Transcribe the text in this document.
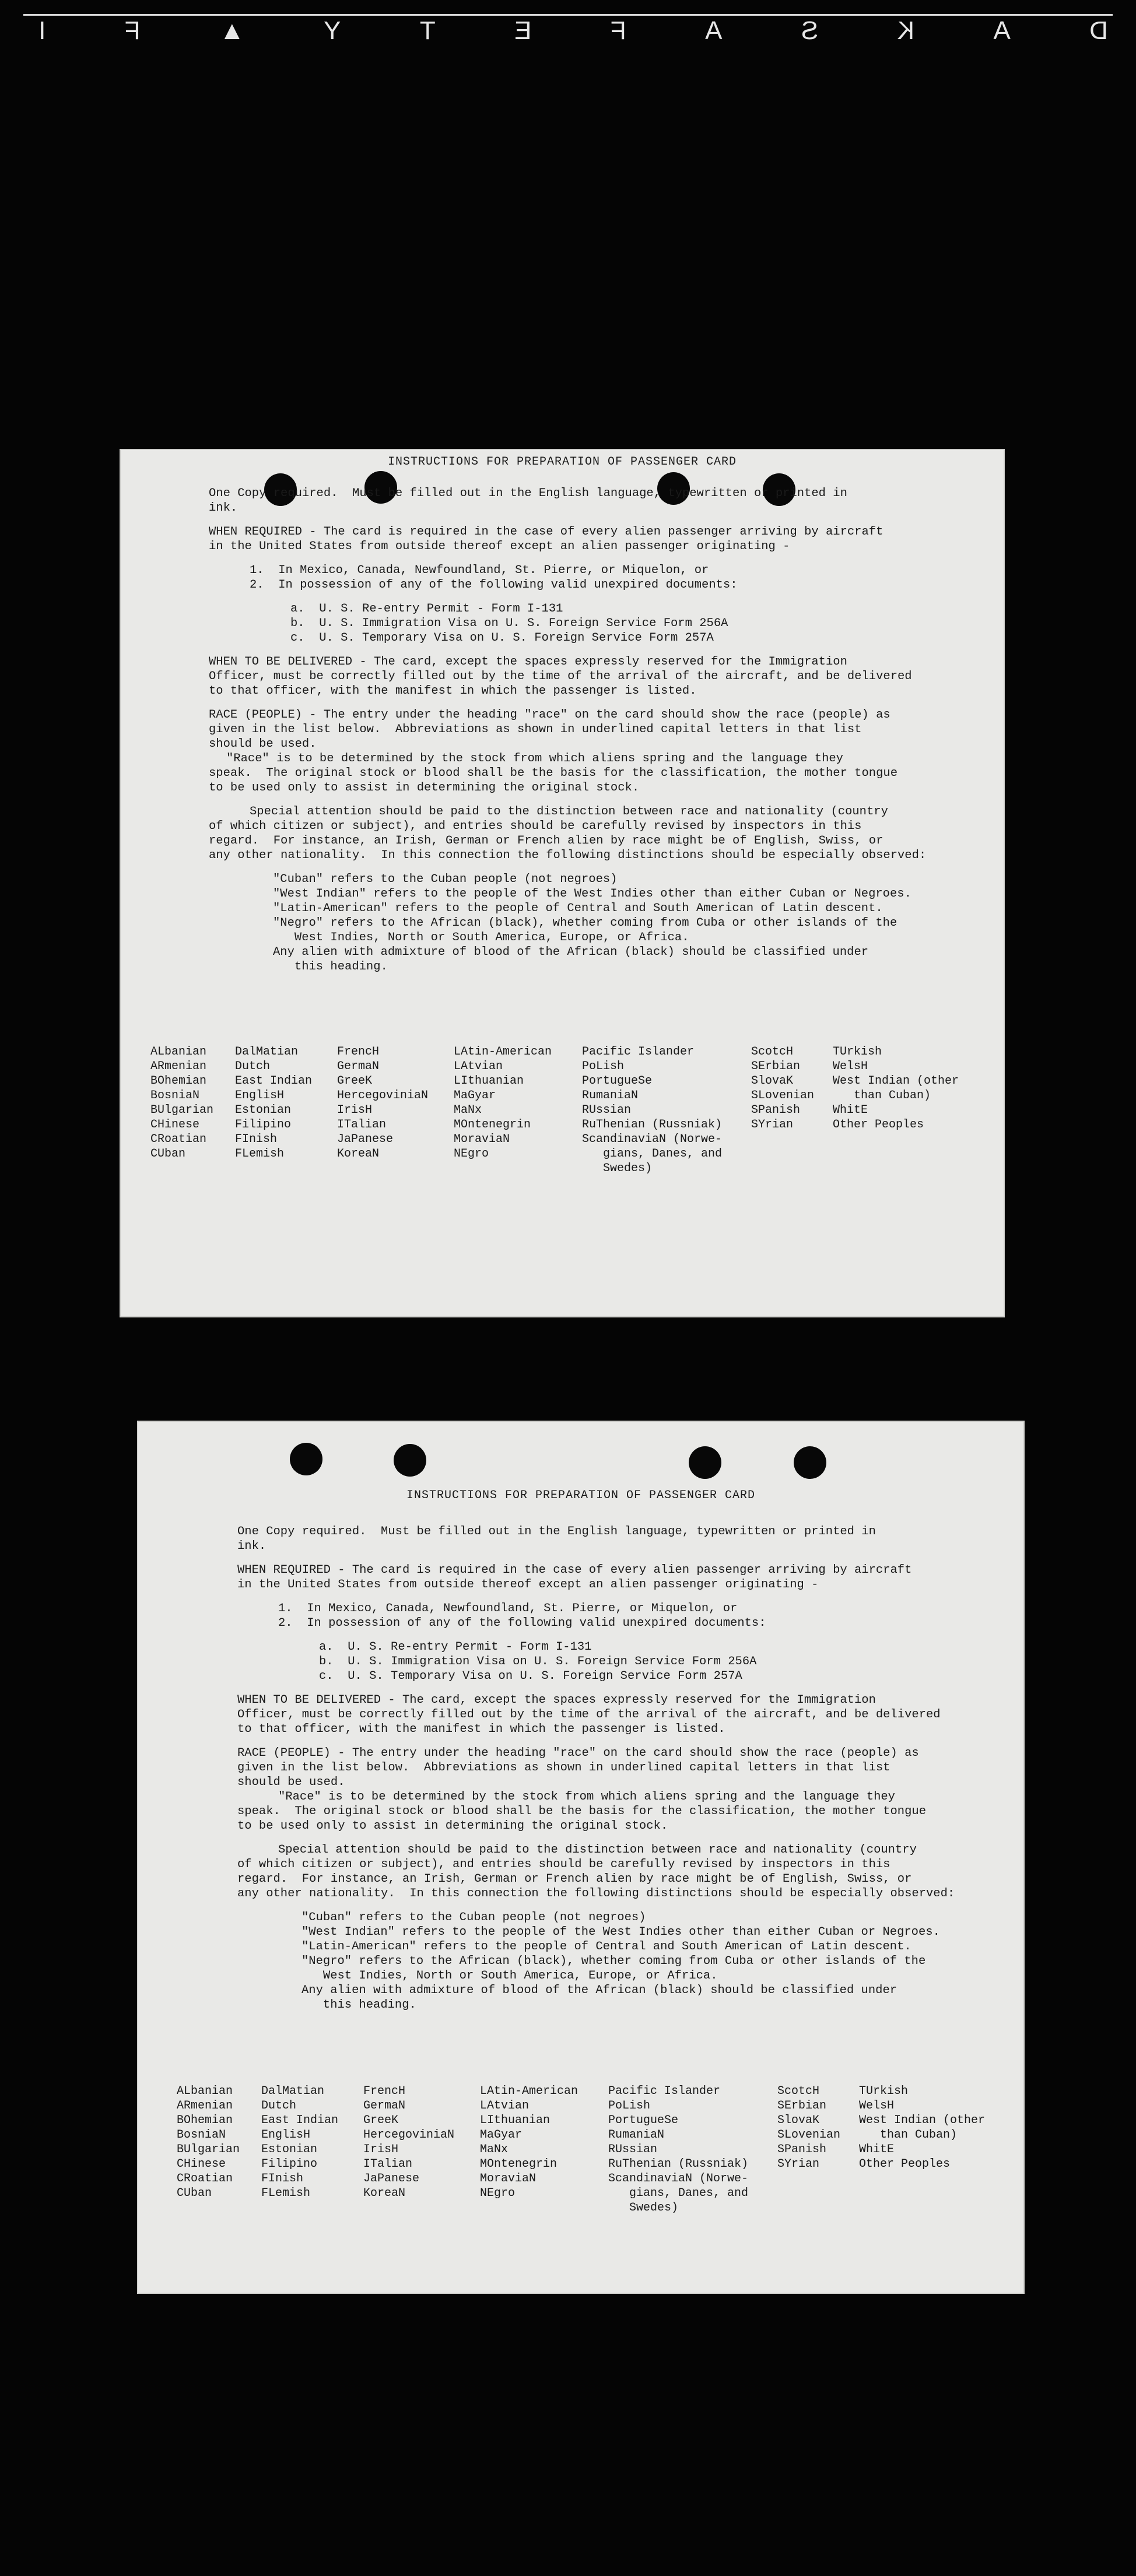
D
A
K
S
A
F
E
T
Y
▲
F
I
INSTRUCTIONS FOR PREPARATION OF PASSENGER CARD

One Copy required.  Must be filled out in the English language, typewritten or printed in

ink.

WHEN REQUIRED - The card is required in the case of every alien passenger arriving by aircraft

in the United States from outside thereof except an alien passenger originating -

1.  In Mexico, Canada, Newfoundland, St. Pierre, or Miquelon, or

2.  In possession of any of the following valid unexpired documents:

a.  U. S. Re-entry Permit - Form I-131

b.  U. S. Immigration Visa on U. S. Foreign Service Form 256A

c.  U. S. Temporary Visa on U. S. Foreign Service Form 257A

WHEN TO BE DELIVERED - The card, except the spaces expressly reserved for the Immigration

Officer, must be correctly filled out by the time of the arrival of the aircraft, and be delivered

to that officer, with the manifest in which the passenger is listed.

RACE (PEOPLE) - The entry under the heading "race" on the card should show the race (people) as

given in the list below.  Abbreviations as shown in underlined capital letters in that list

should be used.

"Race" is to be determined by the stock from which aliens spring and the language they

speak.  The original stock or blood shall be the basis for the classification, the mother tongue

to be used only to assist in determining the original stock.

Special attention should be paid to the distinction between race and nationality (country

of which citizen or subject), and entries should be carefully revised by inspectors in this

regard.  For instance, an Irish, German or French alien by race might be of English, Swiss, or

any other nationality.  In this connection the following distinctions should be especially observed:

"Cuban" refers to the Cuban people (not negroes)

"West Indian" refers to the people of the West Indies other than either Cuban or Negroes.

"Latin-American" refers to the people of Central and South American of Latin descent.

"Negro" refers to the African (black), whether coming from Cuba or other islands of the

West Indies, North or South America, Europe, or Africa.

Any alien with admixture of blood of the African (black) should be classified under

this heading.

ALbanian
ARmenian
BOhemian
BosniaN
BUlgarian
CHinese
CRoatian
CUban
DalMatian
Dutch
East Indian
EnglisH
Estonian
Filipino
FInish
FLemish
FrencH
GermaN
GreeK
HercegoviniaN
IrisH
ITalian
JaPanese
KoreaN
LAtin-American
LAtvian
LIthuanian
MaGyar
MaNx
MOntenegrin
MoraviaN
NEgro
Pacific Islander
PoLish
PortugueSe
RumaniaN
RUssian
RuThenian (Russniak)
ScandinaviaN (Norwe-
gians, Danes, and
Swedes)
ScotcH
SErbian
SlovaK
SLovenian
SPanish
SYrian
TUrkish
WelsH
West Indian (other
than Cuban)
WhitE
Other Peoples
INSTRUCTIONS FOR PREPARATION OF PASSENGER CARD

One Copy required.  Must be filled out in the English language, typewritten or printed in

ink.

WHEN REQUIRED - The card is required in the case of every alien passenger arriving by aircraft

in the United States from outside thereof except an alien passenger originating -

1.  In Mexico, Canada, Newfoundland, St. Pierre, or Miquelon, or

2.  In possession of any of the following valid unexpired documents:

a.  U. S. Re-entry Permit - Form I-131

b.  U. S. Immigration Visa on U. S. Foreign Service Form 256A

c.  U. S. Temporary Visa on U. S. Foreign Service Form 257A

WHEN TO BE DELIVERED - The card, except the spaces expressly reserved for the Immigration

Officer, must be correctly filled out by the time of the arrival of the aircraft, and be delivered

to that officer, with the manifest in which the passenger is listed.

RACE (PEOPLE) - The entry under the heading "race" on the card should show the race (people) as

given in the list below.  Abbreviations as shown in underlined capital letters in that list

should be used.

"Race" is to be determined by the stock from which aliens spring and the language they

speak.  The original stock or blood shall be the basis for the classification, the mother tongue

to be used only to assist in determining the original stock.

Special attention should be paid to the distinction between race and nationality (country

of which citizen or subject), and entries should be carefully revised by inspectors in this

regard.  For instance, an Irish, German or French alien by race might be of English, Swiss, or

any other nationality.  In this connection the following distinctions should be especially observed:

"Cuban" refers to the Cuban people (not negroes)

"West Indian" refers to the people of the West Indies other than either Cuban or Negroes.

"Latin-American" refers to the people of Central and South American of Latin descent.

"Negro" refers to the African (black), whether coming from Cuba or other islands of the

West Indies, North or South America, Europe, or Africa.

Any alien with admixture of blood of the African (black) should be classified under

this heading.

ALbanian
ARmenian
BOhemian
BosniaN
BUlgarian
CHinese
CRoatian
CUban
DalMatian
Dutch
East Indian
EnglisH
Estonian
Filipino
FInish
FLemish
FrencH
GermaN
GreeK
HercegoviniaN
IrisH
ITalian
JaPanese
KoreaN
LAtin-American
LAtvian
LIthuanian
MaGyar
MaNx
MOntenegrin
MoraviaN
NEgro
Pacific Islander
PoLish
PortugueSe
RumaniaN
RUssian
RuThenian (Russniak)
ScandinaviaN (Norwe-
gians, Danes, and
Swedes)
ScotcH
SErbian
SlovaK
SLovenian
SPanish
SYrian
TUrkish
WelsH
West Indian (other
than Cuban)
WhitE
Other Peoples
